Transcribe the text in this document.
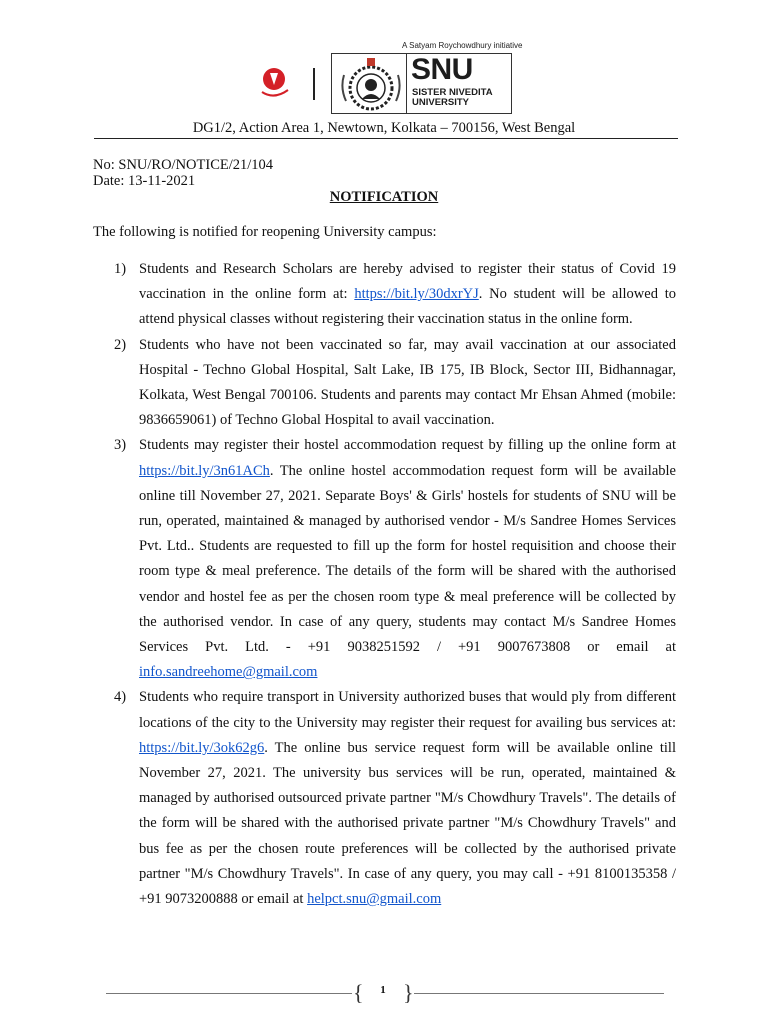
A Satyam Roychowdhury initiative
SNU
SISTER NIVEDITA
UNIVERSITY
DG1/2, Action Area 1, Newtown, Kolkata – 700156, West Bengal
No: SNU/RO/NOTICE/21/104
Date: 13-11-2021
NOTIFICATION
The following is notified for reopening University campus:
1) Students and Research Scholars are hereby advised to register their status of Covid 19 vaccination in the online form at: https://bit.ly/30dxrYJ. No student will be allowed to attend physical classes without registering their vaccination status in the online form.
2) Students who have not been vaccinated so far, may avail vaccination at our associated Hospital - Techno Global Hospital, Salt Lake, IB 175, IB Block, Sector III, Bidhannagar, Kolkata, West Bengal 700106. Students and parents may contact Mr Ehsan Ahmed (mobile: 9836659061) of Techno Global Hospital to avail vaccination.
3) Students may register their hostel accommodation request by filling up the online form at https://bit.ly/3n61ACh. The online hostel accommodation request form will be available online till November 27, 2021. Separate Boys' & Girls' hostels for students of SNU will be run, operated, maintained & managed by authorised vendor - M/s Sandree Homes Services Pvt. Ltd.. Students are requested to fill up the form for hostel requisition and choose their room type & meal preference. The details of the form will be shared with the authorised vendor and hostel fee as per the chosen room type & meal preference will be collected by the authorised vendor. In case of any query, students may contact M/s Sandree Homes Services Pvt. Ltd. - +91 9038251592 / +91 9007673808 or email at info.sandreehome@gmail.com
4) Students who require transport in University authorized buses that would ply from different locations of the city to the University may register their request for availing bus services at: https://bit.ly/3ok62g6. The online bus service request form will be available online till November 27, 2021. The university bus services will be run, operated, maintained & managed by authorised outsourced private partner "M/s Chowdhury Travels". The details of the form will be shared with the authorised private partner "M/s Chowdhury Travels" and bus fee as per the chosen route preferences will be collected by the authorised private partner "M/s Chowdhury Travels". In case of any query, you may call - +91 8100135358 / +91 9073200888 or email at helpct.snu@gmail.com
{	1 }
